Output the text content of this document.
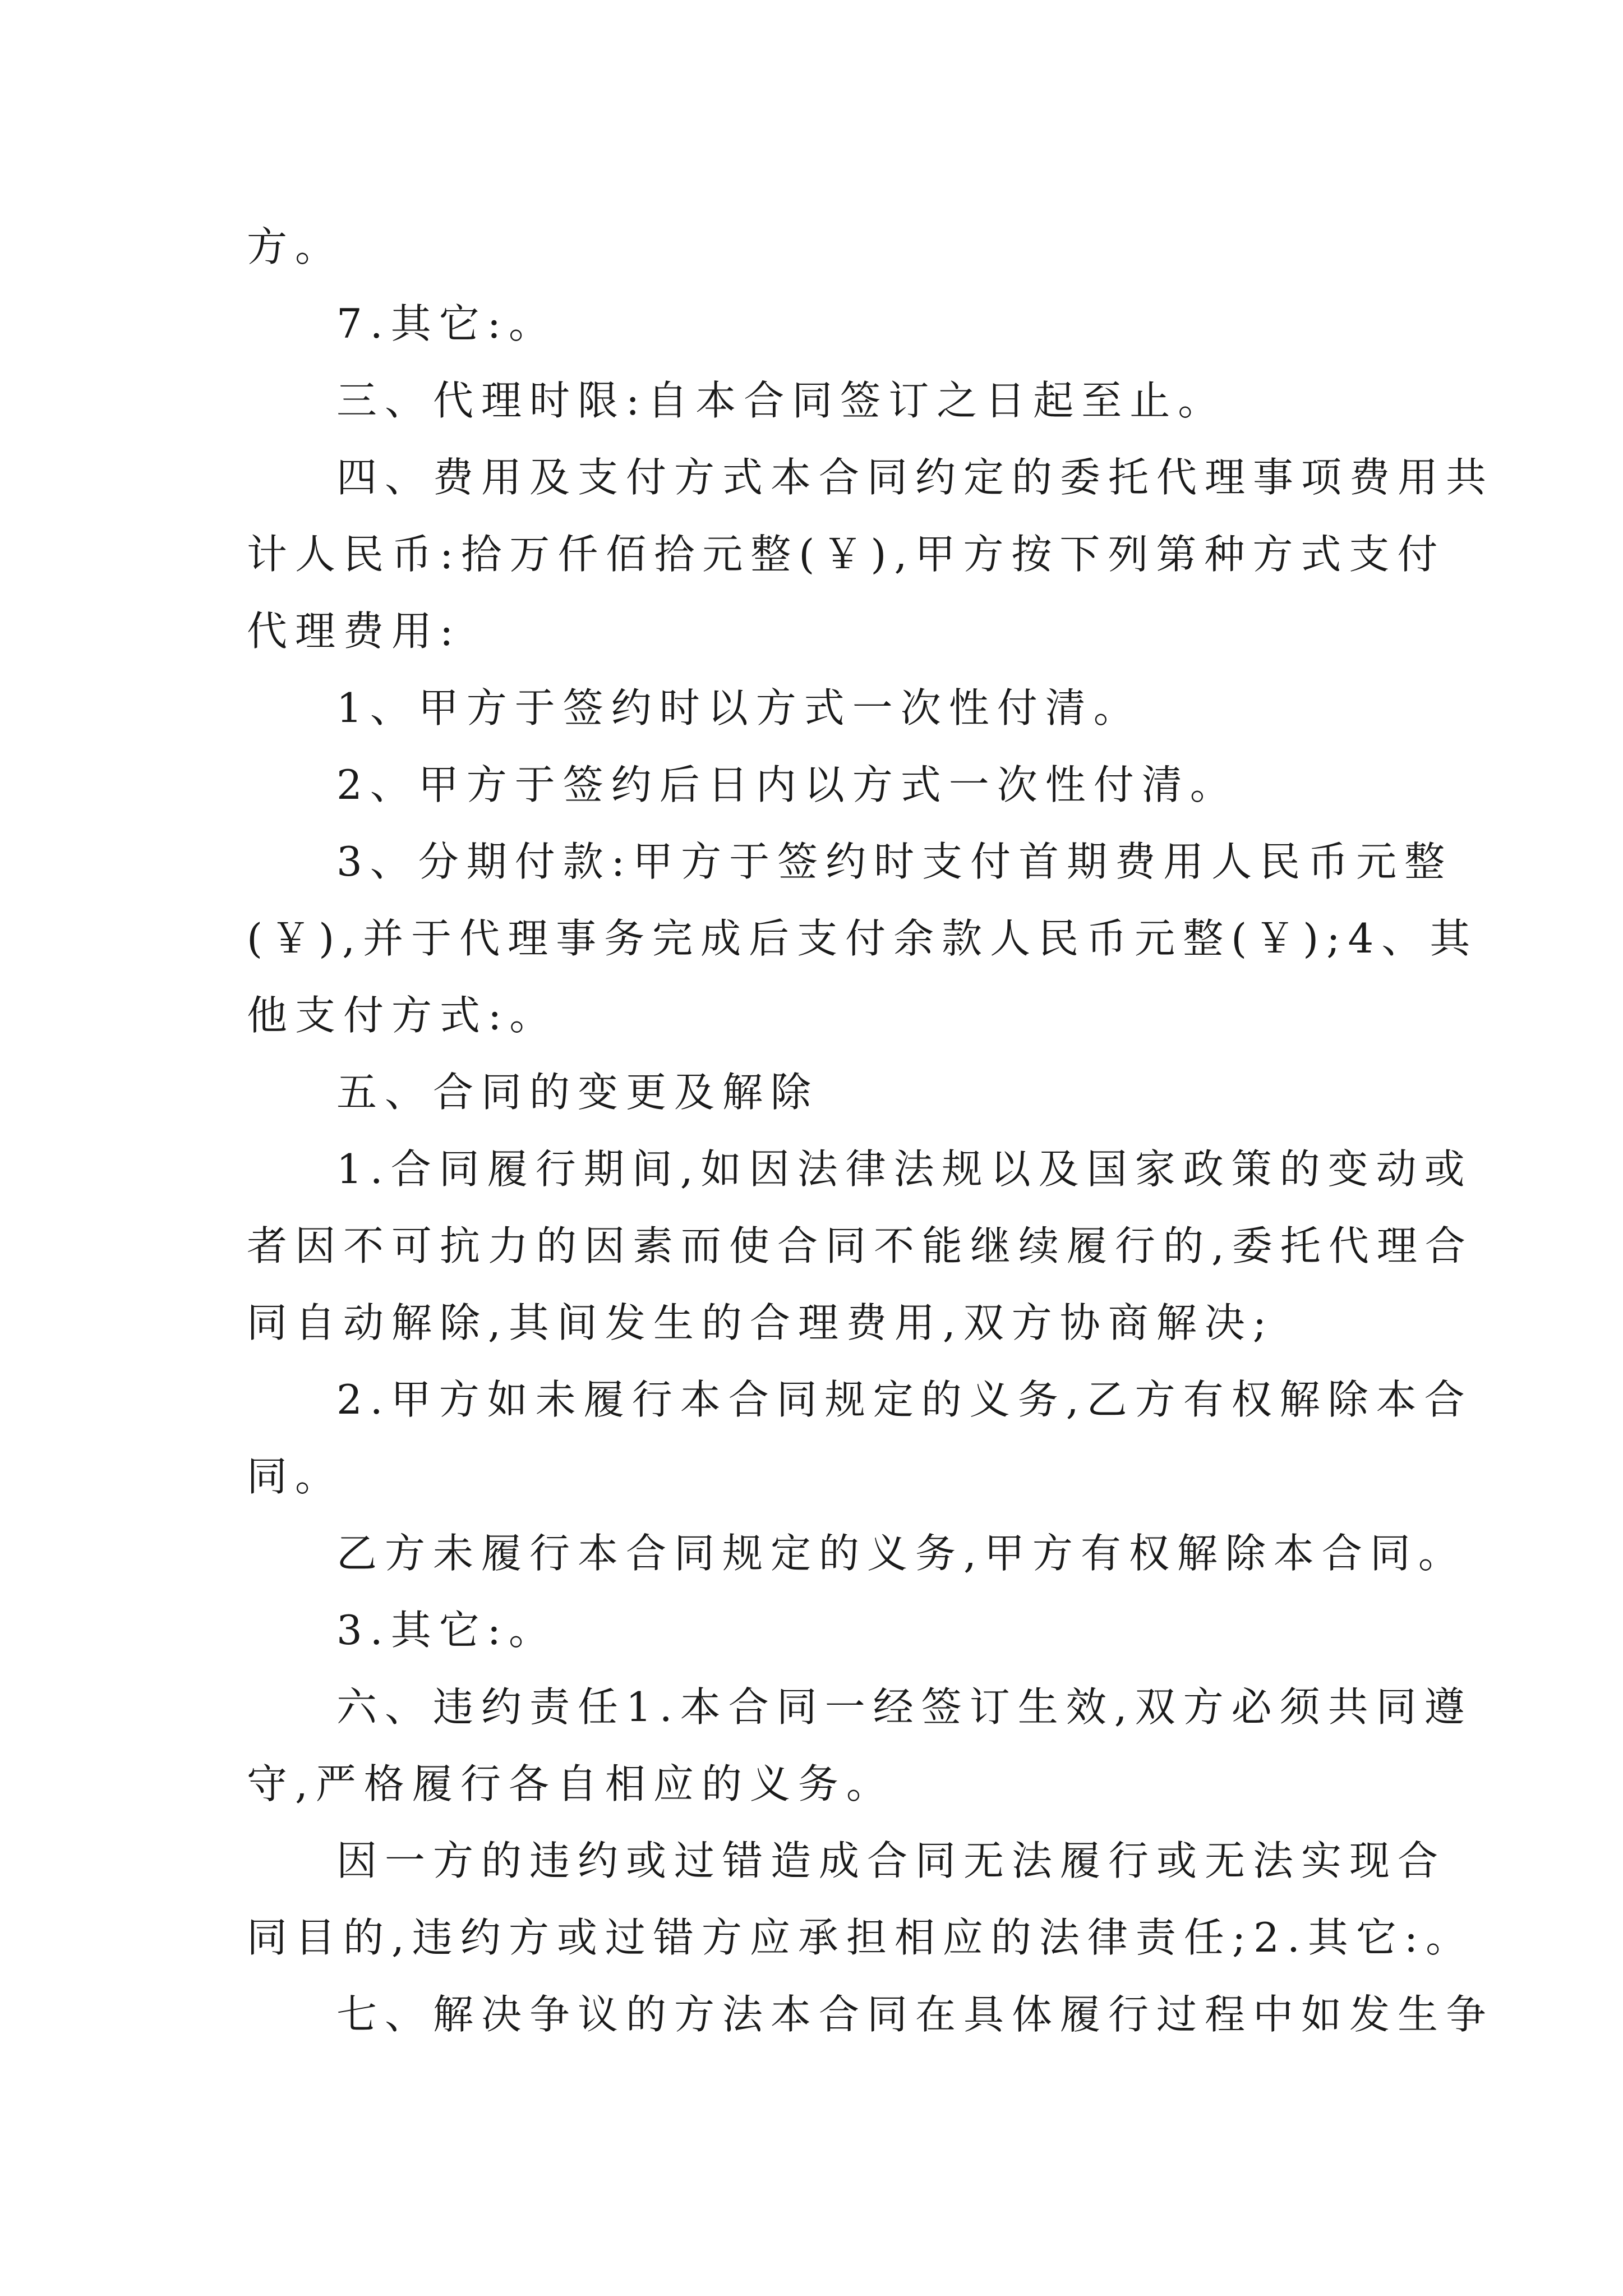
方。
7.其它:。
三、代理时限:自本合同签订之日起至止。
四、费用及支付方式本合同约定的委托代理事项费用共
计人民币:拾万仟佰拾元整(￥),甲方按下列第种方式支付
代理费用:
1、甲方于签约时以方式一次性付清。
2、甲方于签约后日内以方式一次性付清。
3、分期付款:甲方于签约时支付首期费用人民币元整
(￥),并于代理事务完成后支付余款人民币元整(￥);4、其
他支付方式:。
五、合同的变更及解除
1.合同履行期间,如因法律法规以及国家政策的变动或
者因不可抗力的因素而使合同不能继续履行的,委托代理合
同自动解除,其间发生的合理费用,双方协商解决;
2.甲方如未履行本合同规定的义务,乙方有权解除本合
同。
乙方未履行本合同规定的义务,甲方有权解除本合同。
3.其它:。
六、违约责任1.本合同一经签订生效,双方必须共同遵
守,严格履行各自相应的义务。
因一方的违约或过错造成合同无法履行或无法实现合
同目的,违约方或过错方应承担相应的法律责任;2.其它:。
七、解决争议的方法本合同在具体履行过程中如发生争
